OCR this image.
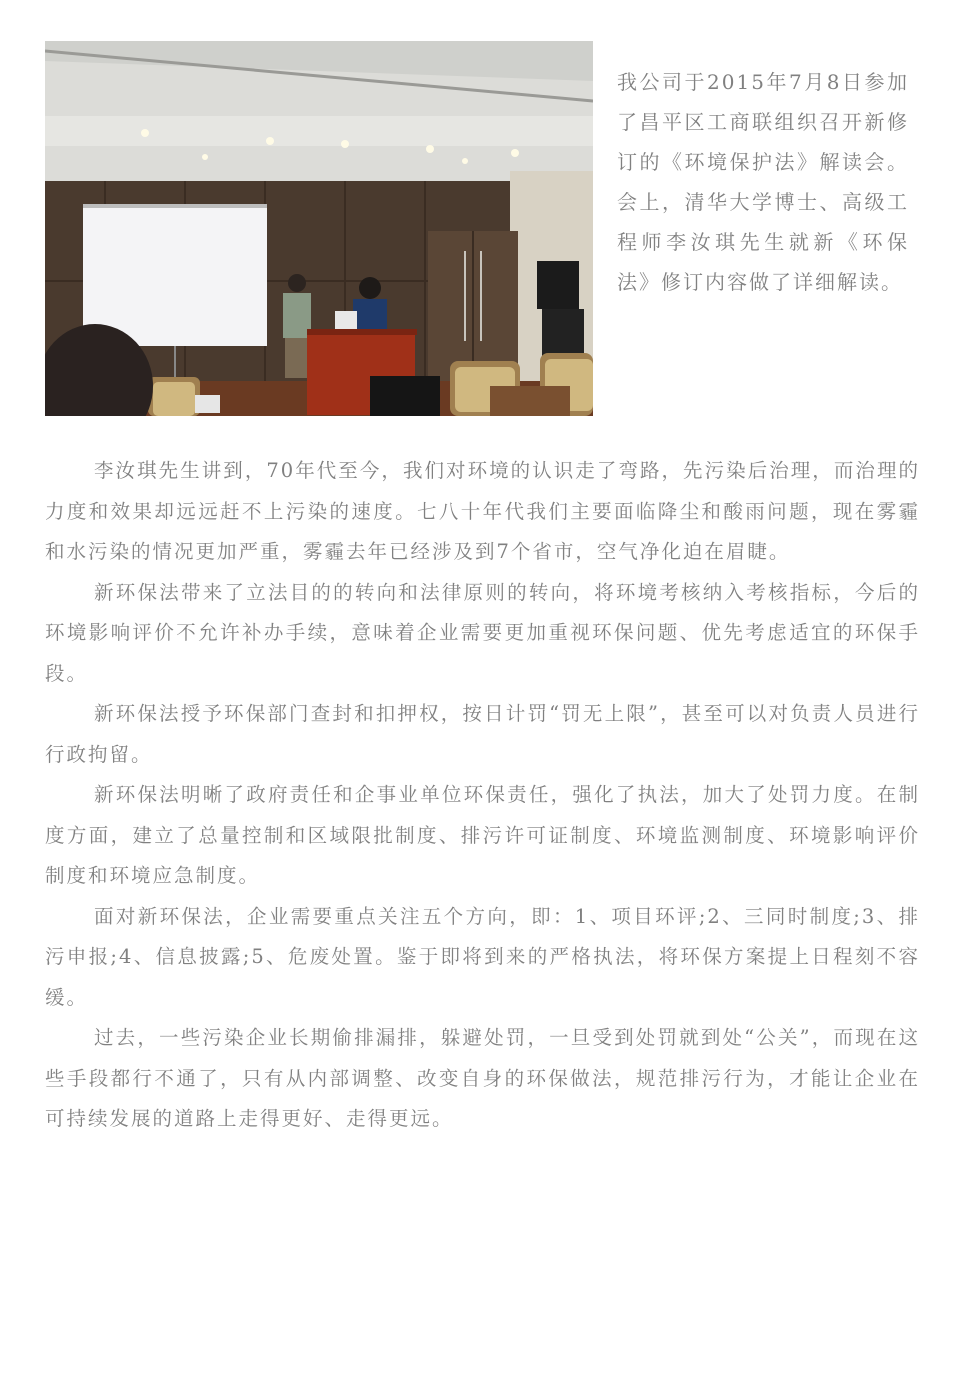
我公司于2015年7月8日参加了昌平区工商联组织召开新修订的《环境保护法》解读会。会上，清华大学博士、高级工程师李汝琪先生就新《环保法》修订内容做了详细解读。

李汝琪先生讲到，70年代至今，我们对环境的认识走了弯路，先污染后治理，而治理的力度和效果却远远赶不上污染的速度。七八十年代我们主要面临降尘和酸雨问题，现在雾霾和水污染的情况更加严重，雾霾去年已经涉及到7个省市，空气净化迫在眉睫。

新环保法带来了立法目的的转向和法律原则的转向，将环境考核纳入考核指标，今后的环境影响评价不允许补办手续，意味着企业需要更加重视环保问题、优先考虑适宜的环保手段。

新环保法授予环保部门查封和扣押权，按日计罚“罚无上限”，甚至可以对负责人员进行行政拘留。

新环保法明晰了政府责任和企事业单位环保责任，强化了执法，加大了处罚力度。在制度方面，建立了总量控制和区域限批制度、排污许可证制度、环境监测制度、环境影响评价制度和环境应急制度。

面对新环保法，企业需要重点关注五个方向，即：1、项目环评;2、三同时制度;3、排污申报;4、信息披露;5、危废处置。鉴于即将到来的严格执法，将环保方案提上日程刻不容缓。

过去，一些污染企业长期偷排漏排，躲避处罚，一旦受到处罚就到处“公关”，而现在这些手段都行不通了，只有从内部调整、改变自身的环保做法，规范排污行为，才能让企业在可持续发展的道路上走得更好、走得更远。
